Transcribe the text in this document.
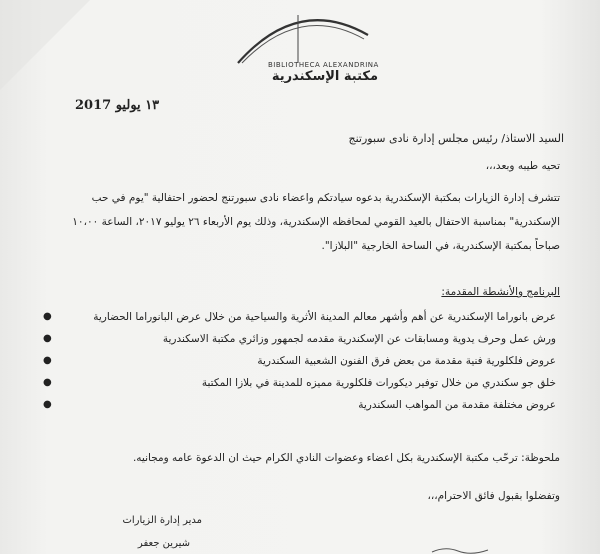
BIBLIOTHECA ALEXANDRINA
مكتبة الإسكندرية
١٣ يوليو 2017
السيد الاستاذ/ رئيس مجلس إدارة نادى سبورتنج
تحيه طيبه وبعد،،،
تتشرف إدارة الزيارات بمكتبة الإسكندرية بدعوه سيادتكم واعضاء نادى سبورتنج لحضور احتفالية "يوم في حب
الإسكندرية" بمناسبة الاحتفال بالعيد القومي لمحافظه الإسكندرية، وذلك يوم الأربعاء ٢٦ يوليو ٢٠١٧، الساعة ١٠،٠٠
صباحاً بمكتبة الإسكندرية، في الساحة الخارجية "البلازا".
البرنامج والأنشطة المقدمة:
●	عرض بانوراما الإسكندرية عن أهم وأشهر معالم المدينة الأثرية والسياحية من خلال عرض البانوراما الحضارية
●	ورش عمل وحرف يدوية ومسابقات عن الإسكندرية مقدمه لجمهور وزائري مكتبة الاسكندرية
●	عروض فلكلورية فنية مقدمة من بعض فرق الفنون الشعبية السكندرية
●	خلق جو سكندري من خلال توفير ديكورات فلكلورية مميزه للمدينة في بلازا المكتبة
●	عروض مختلفة مقدمة من المواهب السكندرية
ملحوظة: ترحّب مكتبة الإسكندرية بكل اعضاء وعضوات النادي الكرام حيث ان الدعوة عامه ومجانيه.
وتفضلوا بقبول فائق الاحترام،،،
مدير إدارة الزيارات
شيرين جعفر
